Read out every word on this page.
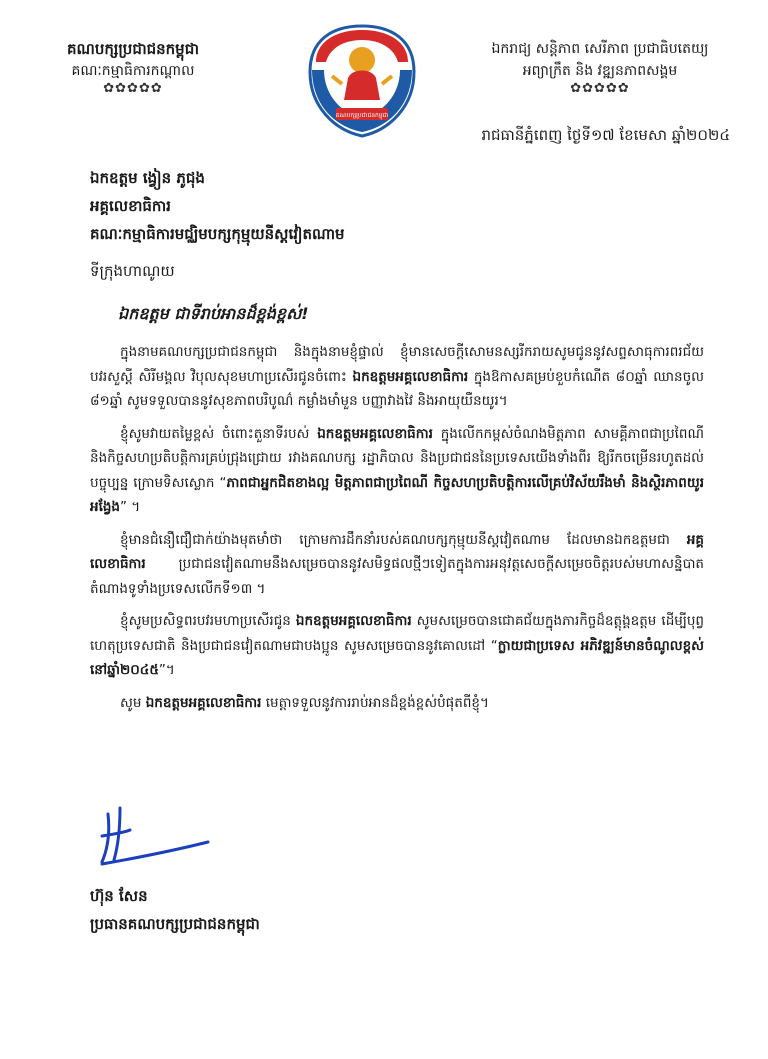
គណបក្សប្រជាជនកម្ពុជា
គណៈកម្មាធិការកណ្តាល
✿✿✿✿✿
គណបក្សប្រជាជនកម្ពុជា
ឯករាជ្យ សន្តិភាព សេរីភាព ប្រជាធិបតេយ្យ
អព្យាក្រឹត និង វឌ្ឍនភាពសង្គម
✿✿✿✿✿
រាជធានីភ្នំពេញ ថ្ងៃទី១៧ ខែមេសា ឆ្នាំ២០២៤
ឯកឧត្តម ង្វៀន ភូជុង
អគ្គលេខាធិការ
គណៈកម្មាធិការមជ្ឈិមបក្សកុម្មុយនីស្តវៀតណាម
ទីក្រុងហាណូយ
ឯកឧត្តម ជាទីរាប់អានដ៏ខ្ពង់ខ្ពស់!

ក្នុងនាមគណបក្សប្រជាជនកម្ពុជា និងក្នុងនាមខ្ញុំផ្ទាល់ ខ្ញុំមានសេចក្តីសោមនស្សរីករាយសូមជូននូវសព្ទសាធុការពរជ័យ បវរសួស្តី សិរីមង្គល វិបុលសុខមហាប្រសើរជូនចំពោះ ឯកឧត្តមអគ្គលេខាធិការ ក្នុងឱកាសគម្រប់ខួបកំណើត ៨០ឆ្នាំ ឈានចូល ៨១ឆ្នាំ សូមទទួលបាននូវសុខភាពបរិបូណ៌ កម្លាំងមាំមួន បញ្ញាវាងវៃ និងអាយុយឺនយូរ។

ខ្ញុំសូមវាយតម្លៃខ្ពស់ ចំពោះតួនាទីរបស់ ឯកឧត្តមអគ្គលេខាធិការ ក្នុងលើកកម្ពស់ចំណងមិត្តភាព សាមគ្គីភាពជាប្រពៃណី និងកិច្ចសហប្រតិបត្តិការគ្រប់ជ្រុងជ្រោយ រវាងគណបក្ស រដ្ឋាភិបាល និងប្រជាជននៃប្រទេសយើងទាំងពីរ ឱ្យរីកចម្រើនរហូតដល់បច្ចុប្បន្ន ក្រោមទិសស្លោក “ភាពជាអ្នកជិតខាងល្អ មិត្តភាពជាប្រពៃណី កិច្ចសហប្រតិបត្តិការលើគ្រប់វិស័យរឹងមាំ និងស្ថិរភាពយូរអង្វែង” ។

ខ្ញុំមានជំនឿជឿជាក់យ៉ាងមុតមាំថា ក្រោមការដឹកនាំរបស់គណបក្សកុម្មុយនីស្តវៀតណាម ដែលមានឯកឧត្តមជា អគ្គលេខាធិការ ប្រជាជនវៀតណាមនឹងសម្រេចបាននូវសមិទ្ធផលថ្មីៗទៀតក្នុងការអនុវត្តសេចក្តីសម្រេចចិត្តរបស់មហាសន្និបាតតំណាងទូទាំងប្រទេសលើកទី១៣ ។

ខ្ញុំសូមប្រសិទ្ធពរបវរមហាប្រសើរជូន ឯកឧត្តមអគ្គលេខាធិការ សូមសម្រេចបានជោគជ័យក្នុងភារកិច្ចដ៏ឧត្តុង្គឧត្តម ដើម្បីបុព្វហេតុប្រទេសជាតិ និងប្រជាជនវៀតណាមជាបងប្អូន សូមសម្រេចបាននូវគោលដៅ “ក្លាយជាប្រទេស អភិវឌ្ឍន៍មានចំណូលខ្ពស់នៅឆ្នាំ២០៤៥”។

សូម ឯកឧត្តមអគ្គលេខាធិការ មេត្តាទទួលនូវការរាប់អានដ៏ខ្ពង់ខ្ពស់បំផុតពីខ្ញុំ។

ហ៊ុន សែន
ប្រធានគណបក្សប្រជាជនកម្ពុជា
